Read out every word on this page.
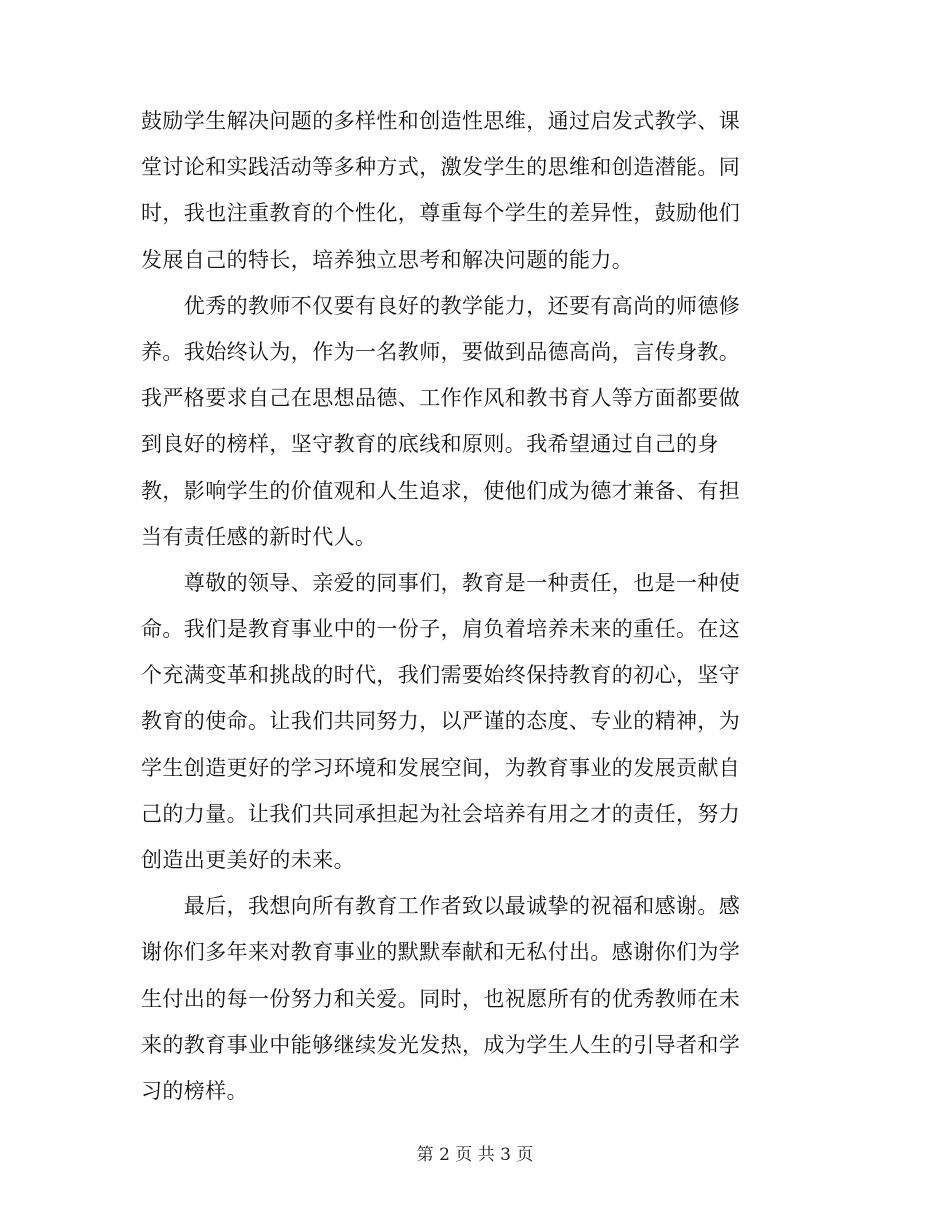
鼓励学生解决问题的多样性和创造性思维，通过启发式教学、课
堂讨论和实践活动等多种方式，激发学生的思维和创造潜能。同
时，我也注重教育的个性化，尊重每个学生的差异性，鼓励他们
发展自己的特长，培养独立思考和解决问题的能力。
　　优秀的教师不仅要有良好的教学能力，还要有高尚的师德修
养。我始终认为，作为一名教师，要做到品德高尚，言传身教。
我严格要求自己在思想品德、工作作风和教书育人等方面都要做
到良好的榜样，坚守教育的底线和原则。我希望通过自己的身
教，影响学生的价值观和人生追求，使他们成为德才兼备、有担
当有责任感的新时代人。
　　尊敬的领导、亲爱的同事们，教育是一种责任，也是一种使
命。我们是教育事业中的一份子，肩负着培养未来的重任。在这
个充满变革和挑战的时代，我们需要始终保持教育的初心，坚守
教育的使命。让我们共同努力，以严谨的态度、专业的精神，为
学生创造更好的学习环境和发展空间，为教育事业的发展贡献自
己的力量。让我们共同承担起为社会培养有用之才的责任，努力
创造出更美好的未来。
　　最后，我想向所有教育工作者致以最诚挚的祝福和感谢。感
谢你们多年来对教育事业的默默奉献和无私付出。感谢你们为学
生付出的每一份努力和关爱。同时，也祝愿所有的优秀教师在未
来的教育事业中能够继续发光发热，成为学生人生的引导者和学
习的榜样。
第 2 页 共 3 页
